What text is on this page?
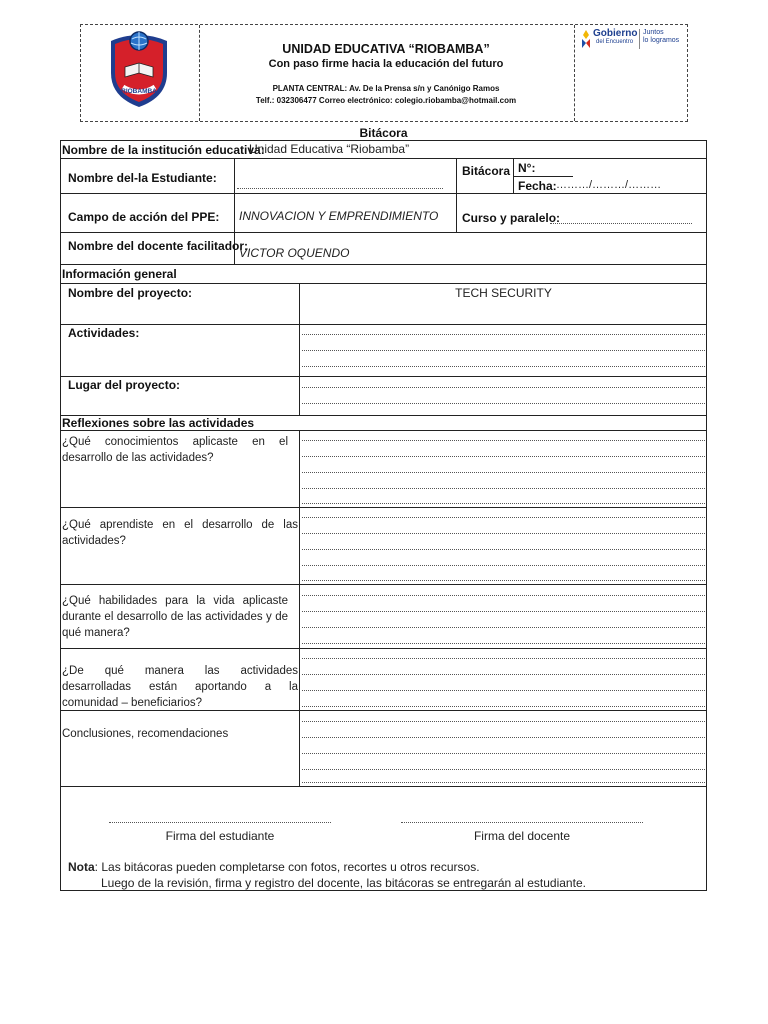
RIOBAMBA
Gobierno
del Encuentro
Juntos
lo logramos
UNIDAD EDUCATIVA “RIOBAMBA”
Con paso firme hacia la educación del futuro
PLANTA CENTRAL: Av. De la Prensa s/n y Canónigo Ramos
Telf.: 032306477 Correo electrónico: colegio.riobamba@hotmail.com
Bitácora
Nombre de la institución educativa:
Unidad Educativa “Riobamba”
Nombre del-la Estudiante:	Bitácora N°:
Fecha: ………/………/………
Campo de acción del PPE: INNOVACION Y EMPRENDIMIENTO Curso y paralelo:
Nombre del docente facilitador:
VICTOR OQUENDO
Información general
Nombre del proyecto:	TECH SECURITY
Actividades:
Lugar del proyecto:
Reflexiones sobre las actividades
¿Qué conocimientos aplicaste en el
desarrollo de las actividades?
¿Qué aprendiste en el desarrollo de las
actividades?
¿Qué habilidades para la vida aplicaste
durante el desarrollo de las actividades y de
qué manera?
¿De qué manera las actividades
desarrolladas están aportando a la
comunidad – beneficiarios?
Conclusiones, recomendaciones
Firma del estudiante	Firma del docente
Nota: Las bitácoras pueden completarse con fotos, recortes u otros recursos.
Luego de la revisión, firma y registro del docente, las bitácoras se entregarán al estudiante.
